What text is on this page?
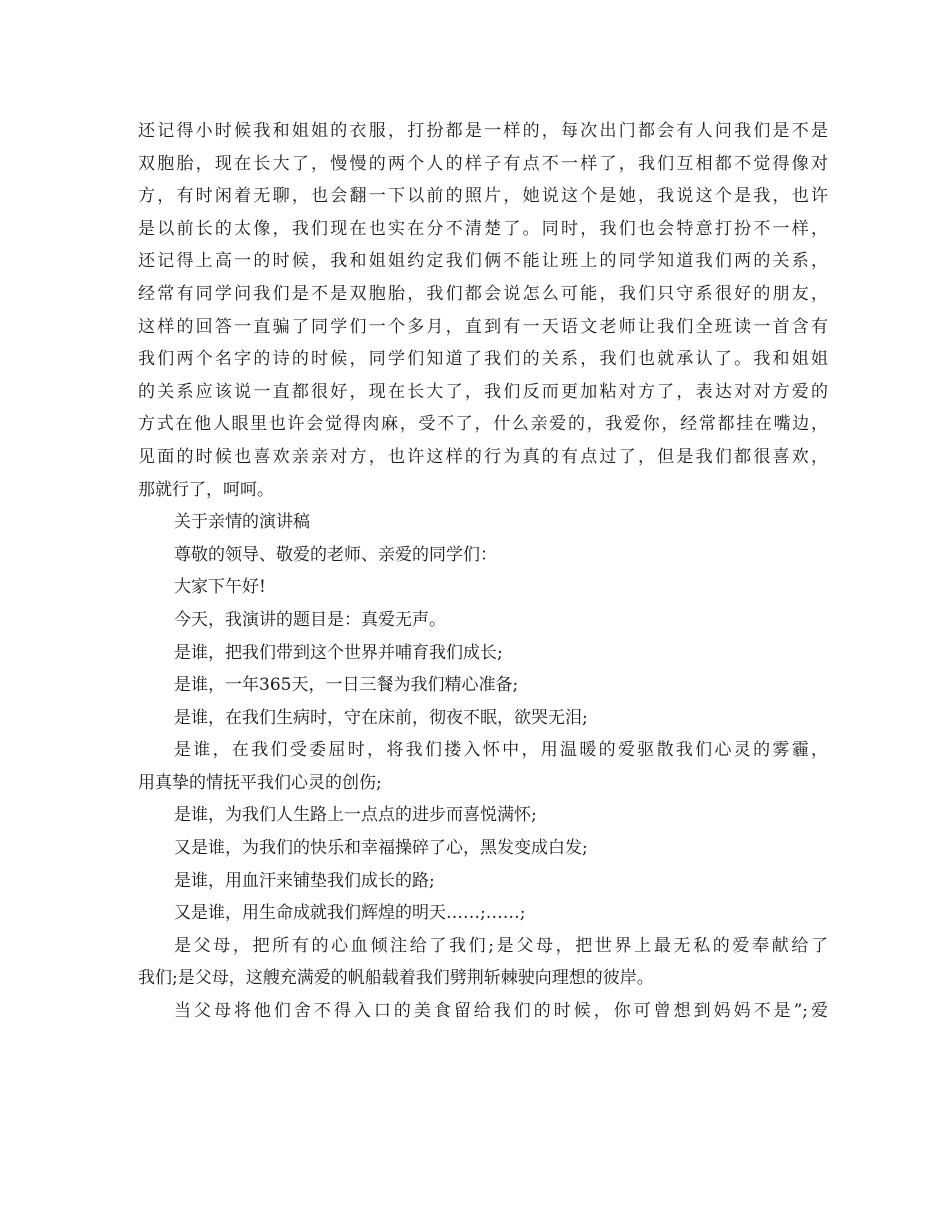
还记得小时候我和姐姐的衣服，打扮都是一样的，每次出门都会有人问我们是不是
双胞胎，现在长大了，慢慢的两个人的样子有点不一样了，我们互相都不觉得像对
方，有时闲着无聊，也会翻一下以前的照片，她说这个是她，我说这个是我，也许
是以前长的太像，我们现在也实在分不清楚了。同时，我们也会特意打扮不一样，
还记得上高一的时候，我和姐姐约定我们俩不能让班上的同学知道我们两的关系，
经常有同学问我们是不是双胞胎，我们都会说怎么可能，我们只守系很好的朋友，
这样的回答一直骗了同学们一个多月，直到有一天语文老师让我们全班读一首含有
我们两个名字的诗的时候，同学们知道了我们的关系，我们也就承认了。我和姐姐
的关系应该说一直都很好，现在长大了，我们反而更加粘对方了，表达对对方爱的
方式在他人眼里也许会觉得肉麻，受不了，什么亲爱的，我爱你，经常都挂在嘴边，
见面的时候也喜欢亲亲对方，也许这样的行为真的有点过了，但是我们都很喜欢，
那就行了，呵呵。
关于亲情的演讲稿
尊敬的领导、敬爱的老师、亲爱的同学们：
大家下午好!
今天，我演讲的题目是：真爱无声。
是谁，把我们带到这个世界并哺育我们成长;
是谁，一年365天，一日三餐为我们精心准备;
是谁，在我们生病时，守在床前，彻夜不眠，欲哭无泪;
是谁，在我们受委屈时，将我们搂入怀中，用温暖的爱驱散我们心灵的雾霾，
用真挚的情抚平我们心灵的创伤;
是谁，为我们人生路上一点点的进步而喜悦满怀;
又是谁，为我们的快乐和幸福操碎了心，黑发变成白发;
是谁，用血汗来铺垫我们成长的路;
又是谁，用生命成就我们辉煌的明天……;……;
是父母，把所有的心血倾注给了我们;是父母，把世界上最无私的爱奉献给了
我们;是父母，这艘充满爱的帆船载着我们劈荆斩棘驶向理想的彼岸。
当父母将他们舍不得入口的美食留给我们的时候，你可曾想到妈妈不是”;爱
